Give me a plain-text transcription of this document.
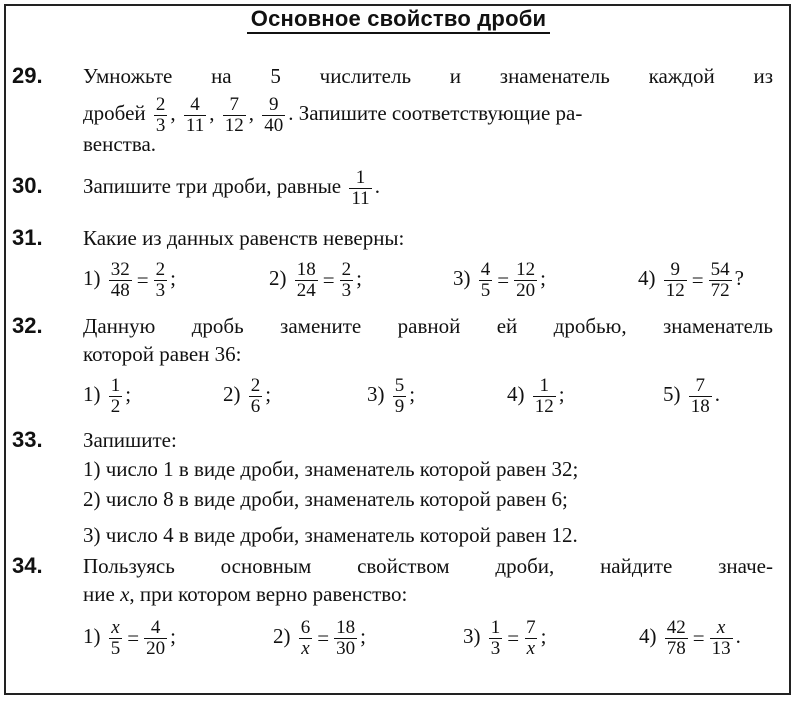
Основное свойство дроби
29.	Умножьте на 5 числитель и знаменатель каждой из
дробей $\frac{2}{3}$ , $\frac{4}{11}$ , $\frac{7}{12}$ , $\frac{9}{40}$ . Запишите соответствующие ра-
венства.
30.	Запишите три дроби, равные $\frac{1}{11}$ .
31.	Какие из данных равенств неверны:
$1) \frac{32}{48} = \frac{2}{3}$ ;	$2) \frac{18}{24} = \frac{2}{3}$ ;	$3) \frac{4}{5} = \frac{12}{20}$ ;	$4) \frac{9}{12} = \frac{54}{72}$ ?
32.	Данную дробь замените равной ей дробью, знаменатель
которой равен 36:
$1) \frac{1}{2}$ ;	$2) \frac{2}{6}$ ;	$3) \frac{5}{9}$ ;	$4) \frac{1}{12}$ ;	$5) \frac{7}{18}$ .
33.	Запишите:
1) число 1 в виде дроби, знаменатель которой равен 32;
2) число 8 в виде дроби, знаменатель которой равен 6;
3) число 4 в виде дроби, знаменатель которой равен 12.
34.	Пользуясь основным свойством дроби, найдите значе-
ние x, при котором верно равенство:
$1) \frac{x}{5} = \frac{4}{20}$ ;	$2) \frac{6}{x} = \frac{18}{30}$ ;	$3) \frac{1}{3} = \frac{7}{x}$ ;	$4) \frac{42}{78} = \frac{x}{13}$ .
